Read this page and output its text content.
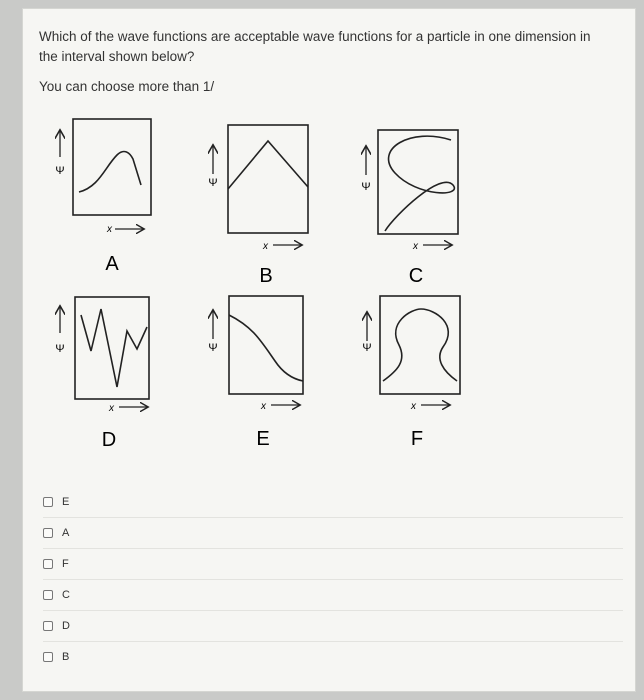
Which of the wave functions are acceptable wave functions for a particle in one dimension in the interval shown below?
You can choose more than 1/
Ψ
x
A
Ψ
x
B
Ψ
x
C
Ψ
x
D
Ψ
x
E
Ψ
x
F
E
A
F
C
D
B
